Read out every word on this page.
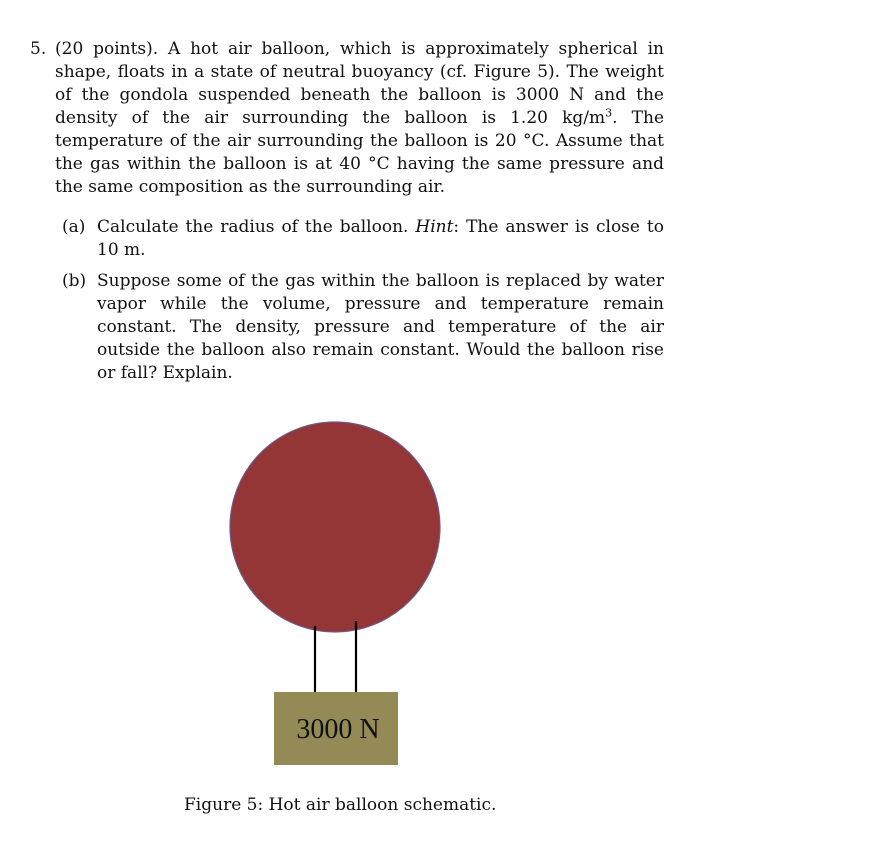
5. (20 points). A hot air balloon, which is approximately spherical in shape, floats in a state of neutral buoyancy (cf. Figure 5). The weight of the gondola suspended beneath the balloon is 3000 N and the density of the air surrounding the balloon is 1.20 $kg/m^3$. The temperature of the air surrounding the balloon is 20 °C. Assume that the gas within the balloon is at 40 °C having the same pressure and the same composition as the surrounding air.
(a) Calculate the radius of the balloon. Hint: The answer is close to 10 m.
(b) Suppose some of the gas within the balloon is replaced by water vapor while the volume, pressure and temperature remain constant. The density, pressure and temperature of the air outside the balloon also remain constant. Would the balloon rise or fall? Explain.
3000 N
Figure 5: Hot air balloon schematic.
